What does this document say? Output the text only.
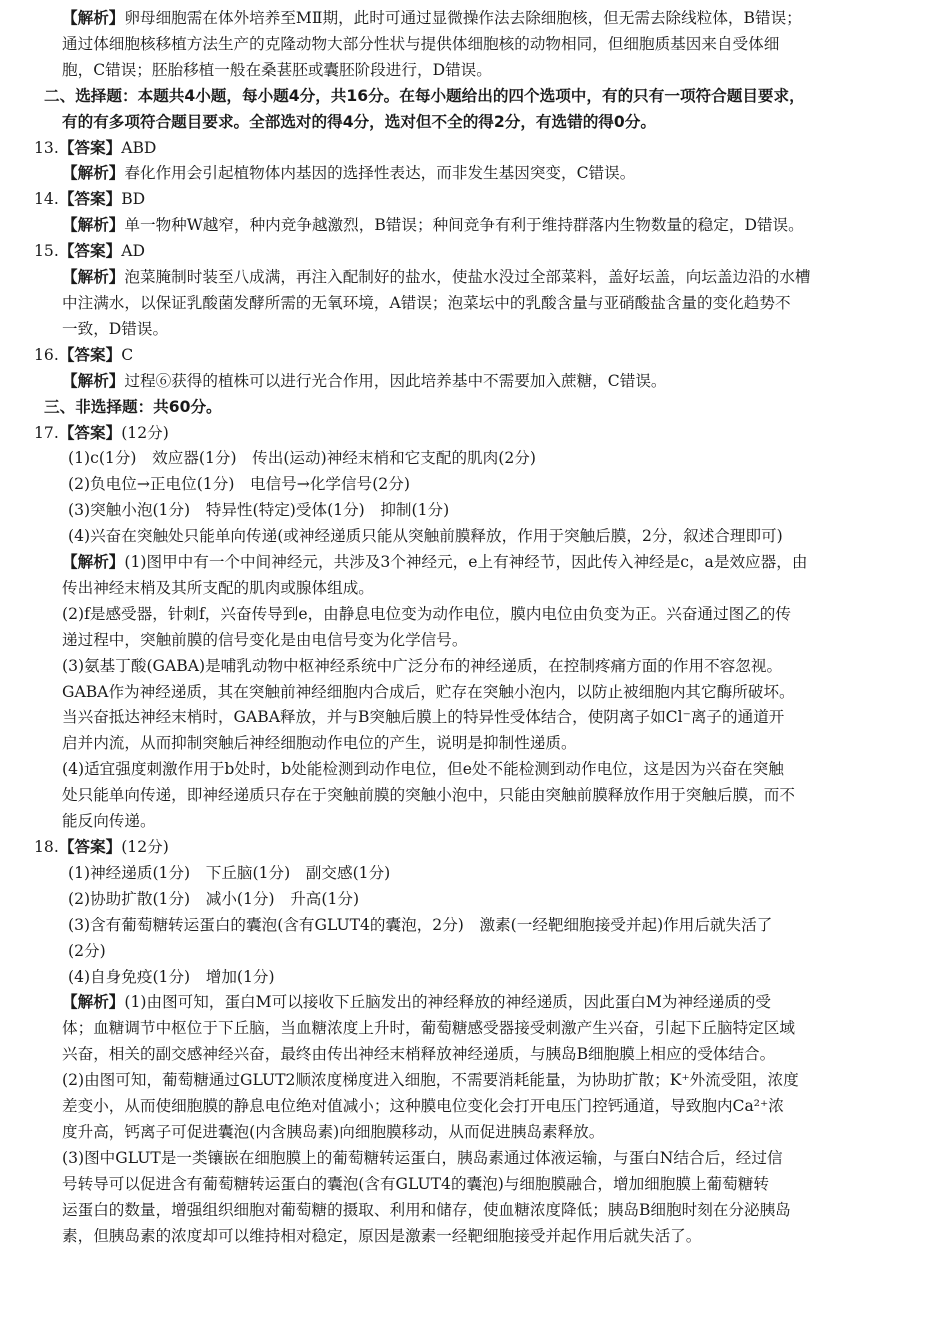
【解析】卵母细胞需在体外培养至MⅡ期，此时可通过显微操作法去除细胞核，但无需去除线粒体，B错误；
通过体细胞核移植方法生产的克隆动物大部分性状与提供体细胞核的动物相同，但细胞质基因来自受体细
胞，C错误；胚胎移植一般在桑葚胚或囊胚阶段进行，D错误。
二、选择题：本题共4小题，每小题4分，共16分。在每小题给出的四个选项中，有的只有一项符合题目要求，
有的有多项符合题目要求。全部选对的得4分，选对但不全的得2分，有选错的得0分。
13.【答案】ABD
【解析】春化作用会引起植物体内基因的选择性表达，而非发生基因突变，C错误。
14.【答案】BD
【解析】单一物种W越窄，种内竞争越激烈，B错误；种间竞争有利于维持群落内生物数量的稳定，D错误。
15.【答案】AD
【解析】泡菜腌制时装至八成满，再注入配制好的盐水，使盐水没过全部菜料，盖好坛盖，向坛盖边沿的水槽
中注满水，以保证乳酸菌发酵所需的无氧环境，A错误；泡菜坛中的乳酸含量与亚硝酸盐含量的变化趋势不
一致，D错误。
16.【答案】C
【解析】过程⑥获得的植株可以进行光合作用，因此培养基中不需要加入蔗糖，C错误。
三、非选择题：共60分。
17.【答案】(12分)
(1)c(1分)　效应器(1分)　传出(运动)神经末梢和它支配的肌肉(2分)
(2)负电位→正电位(1分)　电信号→化学信号(2分)
(3)突触小泡(1分)　特异性(特定)受体(1分)　抑制(1分)
(4)兴奋在突触处只能单向传递(或神经递质只能从突触前膜释放，作用于突触后膜，2分，叙述合理即可)
【解析】(1)图甲中有一个中间神经元，共涉及3个神经元，e上有神经节，因此传入神经是c，a是效应器，由
传出神经末梢及其所支配的肌肉或腺体组成。
(2)f是感受器，针刺f，兴奋传导到e，由静息电位变为动作电位，膜内电位由负变为正。兴奋通过图乙的传
递过程中，突触前膜的信号变化是由电信号变为化学信号。
(3)氨基丁酸(GABA)是哺乳动物中枢神经系统中广泛分布的神经递质，在控制疼痛方面的作用不容忽视。
GABA作为神经递质，其在突触前神经细胞内合成后，贮存在突触小泡内，以防止被细胞内其它酶所破坏。
当兴奋抵达神经末梢时，GABA释放，并与B突触后膜上的特异性受体结合，使阴离子如Cl⁻离子的通道开
启并内流，从而抑制突触后神经细胞动作电位的产生，说明是抑制性递质。
(4)适宜强度刺激作用于b处时，b处能检测到动作电位，但e处不能检测到动作电位，这是因为兴奋在突触
处只能单向传递，即神经递质只存在于突触前膜的突触小泡中，只能由突触前膜释放作用于突触后膜，而不
能反向传递。
18.【答案】(12分)
(1)神经递质(1分)　下丘脑(1分)　副交感(1分)
(2)协助扩散(1分)　减小(1分)　升高(1分)
(3)含有葡萄糖转运蛋白的囊泡(含有GLUT4的囊泡，2分)　激素(一经靶细胞接受并起)作用后就失活了
(2分)
(4)自身免疫(1分)　增加(1分)
【解析】(1)由图可知，蛋白M可以接收下丘脑发出的神经释放的神经递质，因此蛋白M为神经递质的受
体；血糖调节中枢位于下丘脑，当血糖浓度上升时，葡萄糖感受器接受刺激产生兴奋，引起下丘脑特定区域
兴奋，相关的副交感神经兴奋，最终由传出神经末梢释放神经递质，与胰岛B细胞膜上相应的受体结合。
(2)由图可知，葡萄糖通过GLUT2顺浓度梯度进入细胞，不需要消耗能量，为协助扩散；K⁺外流受阻，浓度
差变小，从而使细胞膜的静息电位绝对值减小；这种膜电位变化会打开电压门控钙通道，导致胞内Ca²⁺浓
度升高，钙离子可促进囊泡(内含胰岛素)向细胞膜移动，从而促进胰岛素释放。
(3)图中GLUT是一类镶嵌在细胞膜上的葡萄糖转运蛋白，胰岛素通过体液运输，与蛋白N结合后，经过信
号转导可以促进含有葡萄糖转运蛋白的囊泡(含有GLUT4的囊泡)与细胞膜融合，增加细胞膜上葡萄糖转
运蛋白的数量，增强组织细胞对葡萄糖的摄取、利用和储存，使血糖浓度降低；胰岛B细胞时刻在分泌胰岛
素，但胰岛素的浓度却可以维持相对稳定，原因是激素一经靶细胞接受并起作用后就失活了。
